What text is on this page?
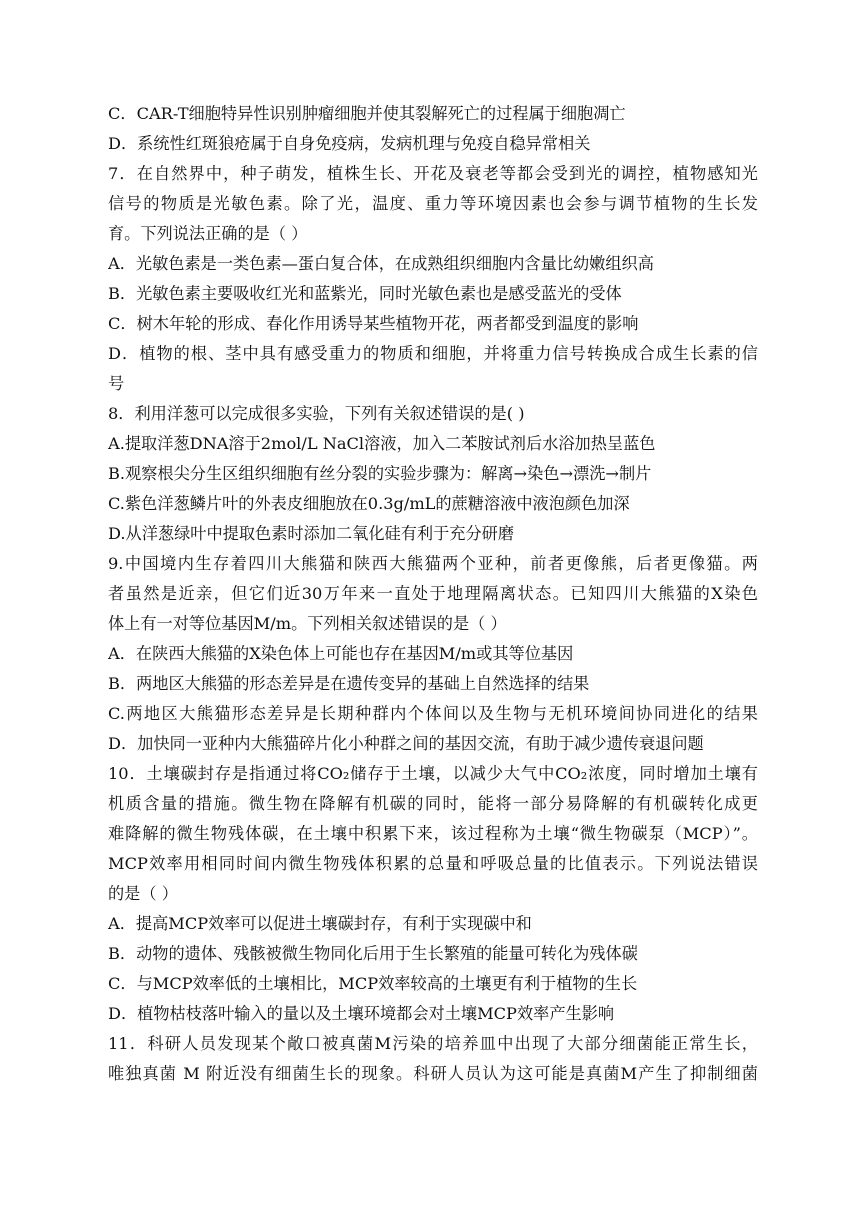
C．CAR-T细胞特异性识别肿瘤细胞并使其裂解死亡的过程属于细胞凋亡
D．系统性红斑狼疮属于自身免疫病，发病机理与免疫自稳异常相关
7．在自然界中，种子萌发，植株生长、开花及衰老等都会受到光的调控，植物感知光
信号的物质是光敏色素。除了光，温度、重力等环境因素也会参与调节植物的生长发
育。下列说法正确的是（ ）
A．光敏色素是一类色素—蛋白复合体，在成熟组织细胞内含量比幼嫩组织高
B．光敏色素主要吸收红光和蓝紫光，同时光敏色素也是感受蓝光的受体
C．树木年轮的形成、春化作用诱导某些植物开花，两者都受到温度的影响
D．植物的根、茎中具有感受重力的物质和细胞，并将重力信号转换成合成生长素的信
号
8．利用洋葱可以完成很多实验，下列有关叙述错误的是( )
A.提取洋葱DNA溶于2mol/L NaCl溶液，加入二苯胺试剂后水浴加热呈蓝色
B.观察根尖分生区组织细胞有丝分裂的实验步骤为：解离→染色→漂洗→制片
C.紫色洋葱鳞片叶的外表皮细胞放在0.3g/mL的蔗糖溶液中液泡颜色加深
D.从洋葱绿叶中提取色素时添加二氧化硅有利于充分研磨
9.中国境内生存着四川大熊猫和陕西大熊猫两个亚种，前者更像熊，后者更像猫。两
者虽然是近亲，但它们近30万年来一直处于地理隔离状态。已知四川大熊猫的X染色
体上有一对等位基因M/m。下列相关叙述错误的是（ ）
A．在陕西大熊猫的X染色体上可能也存在基因M/m或其等位基因
B．两地区大熊猫的形态差异是在遗传变异的基础上自然选择的结果
C.两地区大熊猫形态差异是长期种群内个体间以及生物与无机环境间协同进化的结果
D．加快同一亚种内大熊猫碎片化小种群之间的基因交流，有助于减少遗传衰退问题
10．土壤碳封存是指通过将CO₂储存于土壤，以减少大气中CO₂浓度，同时增加土壤有
机质含量的措施。微生物在降解有机碳的同时，能将一部分易降解的有机碳转化成更
难降解的微生物残体碳，在土壤中积累下来，该过程称为土壤“微生物碳泵（MCP）”。
MCP效率用相同时间内微生物残体积累的总量和呼吸总量的比值表示。下列说法错误
的是（ ）
A．提高MCP效率可以促进土壤碳封存，有利于实现碳中和
B．动物的遗体、残骸被微生物同化后用于生长繁殖的能量可转化为残体碳
C．与MCP效率低的土壤相比，MCP效率较高的土壤更有利于植物的生长
D．植物枯枝落叶输入的量以及土壤环境都会对土壤MCP效率产生影响
11．科研人员发现某个敞口被真菌M污染的培养皿中出现了大部分细菌能正常生长，
唯独真菌 M 附近没有细菌生长的现象。科研人员认为这可能是真菌M产生了抑制细菌
